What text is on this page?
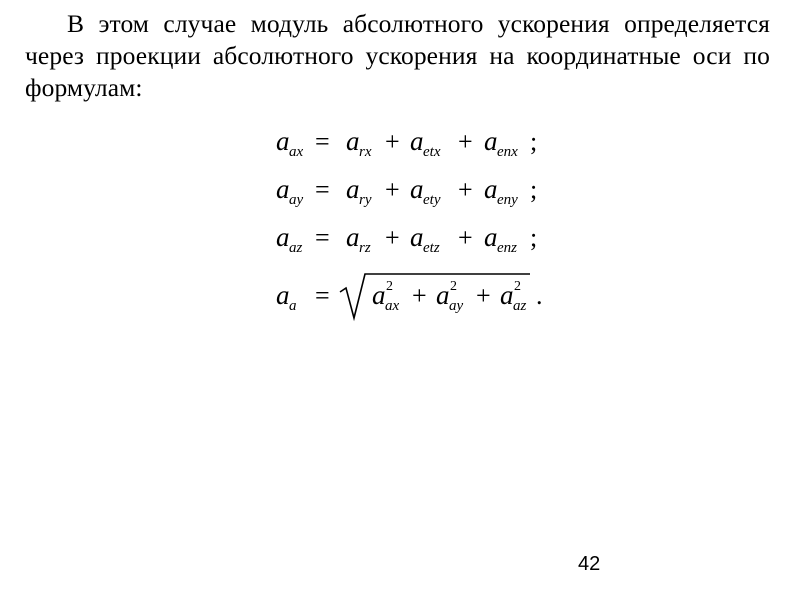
В этом случае модуль абсолютного ускорения определяется через проекции абсолютного ускорения на координатные оси по формулам:

a ax = a rx + a etx + a enx ;
a ay = a ry + a ety + a eny ;
a az = a rz + a etz + a enz ;
a a = a 2
ax + a 2
ay + a 2
az .
42
